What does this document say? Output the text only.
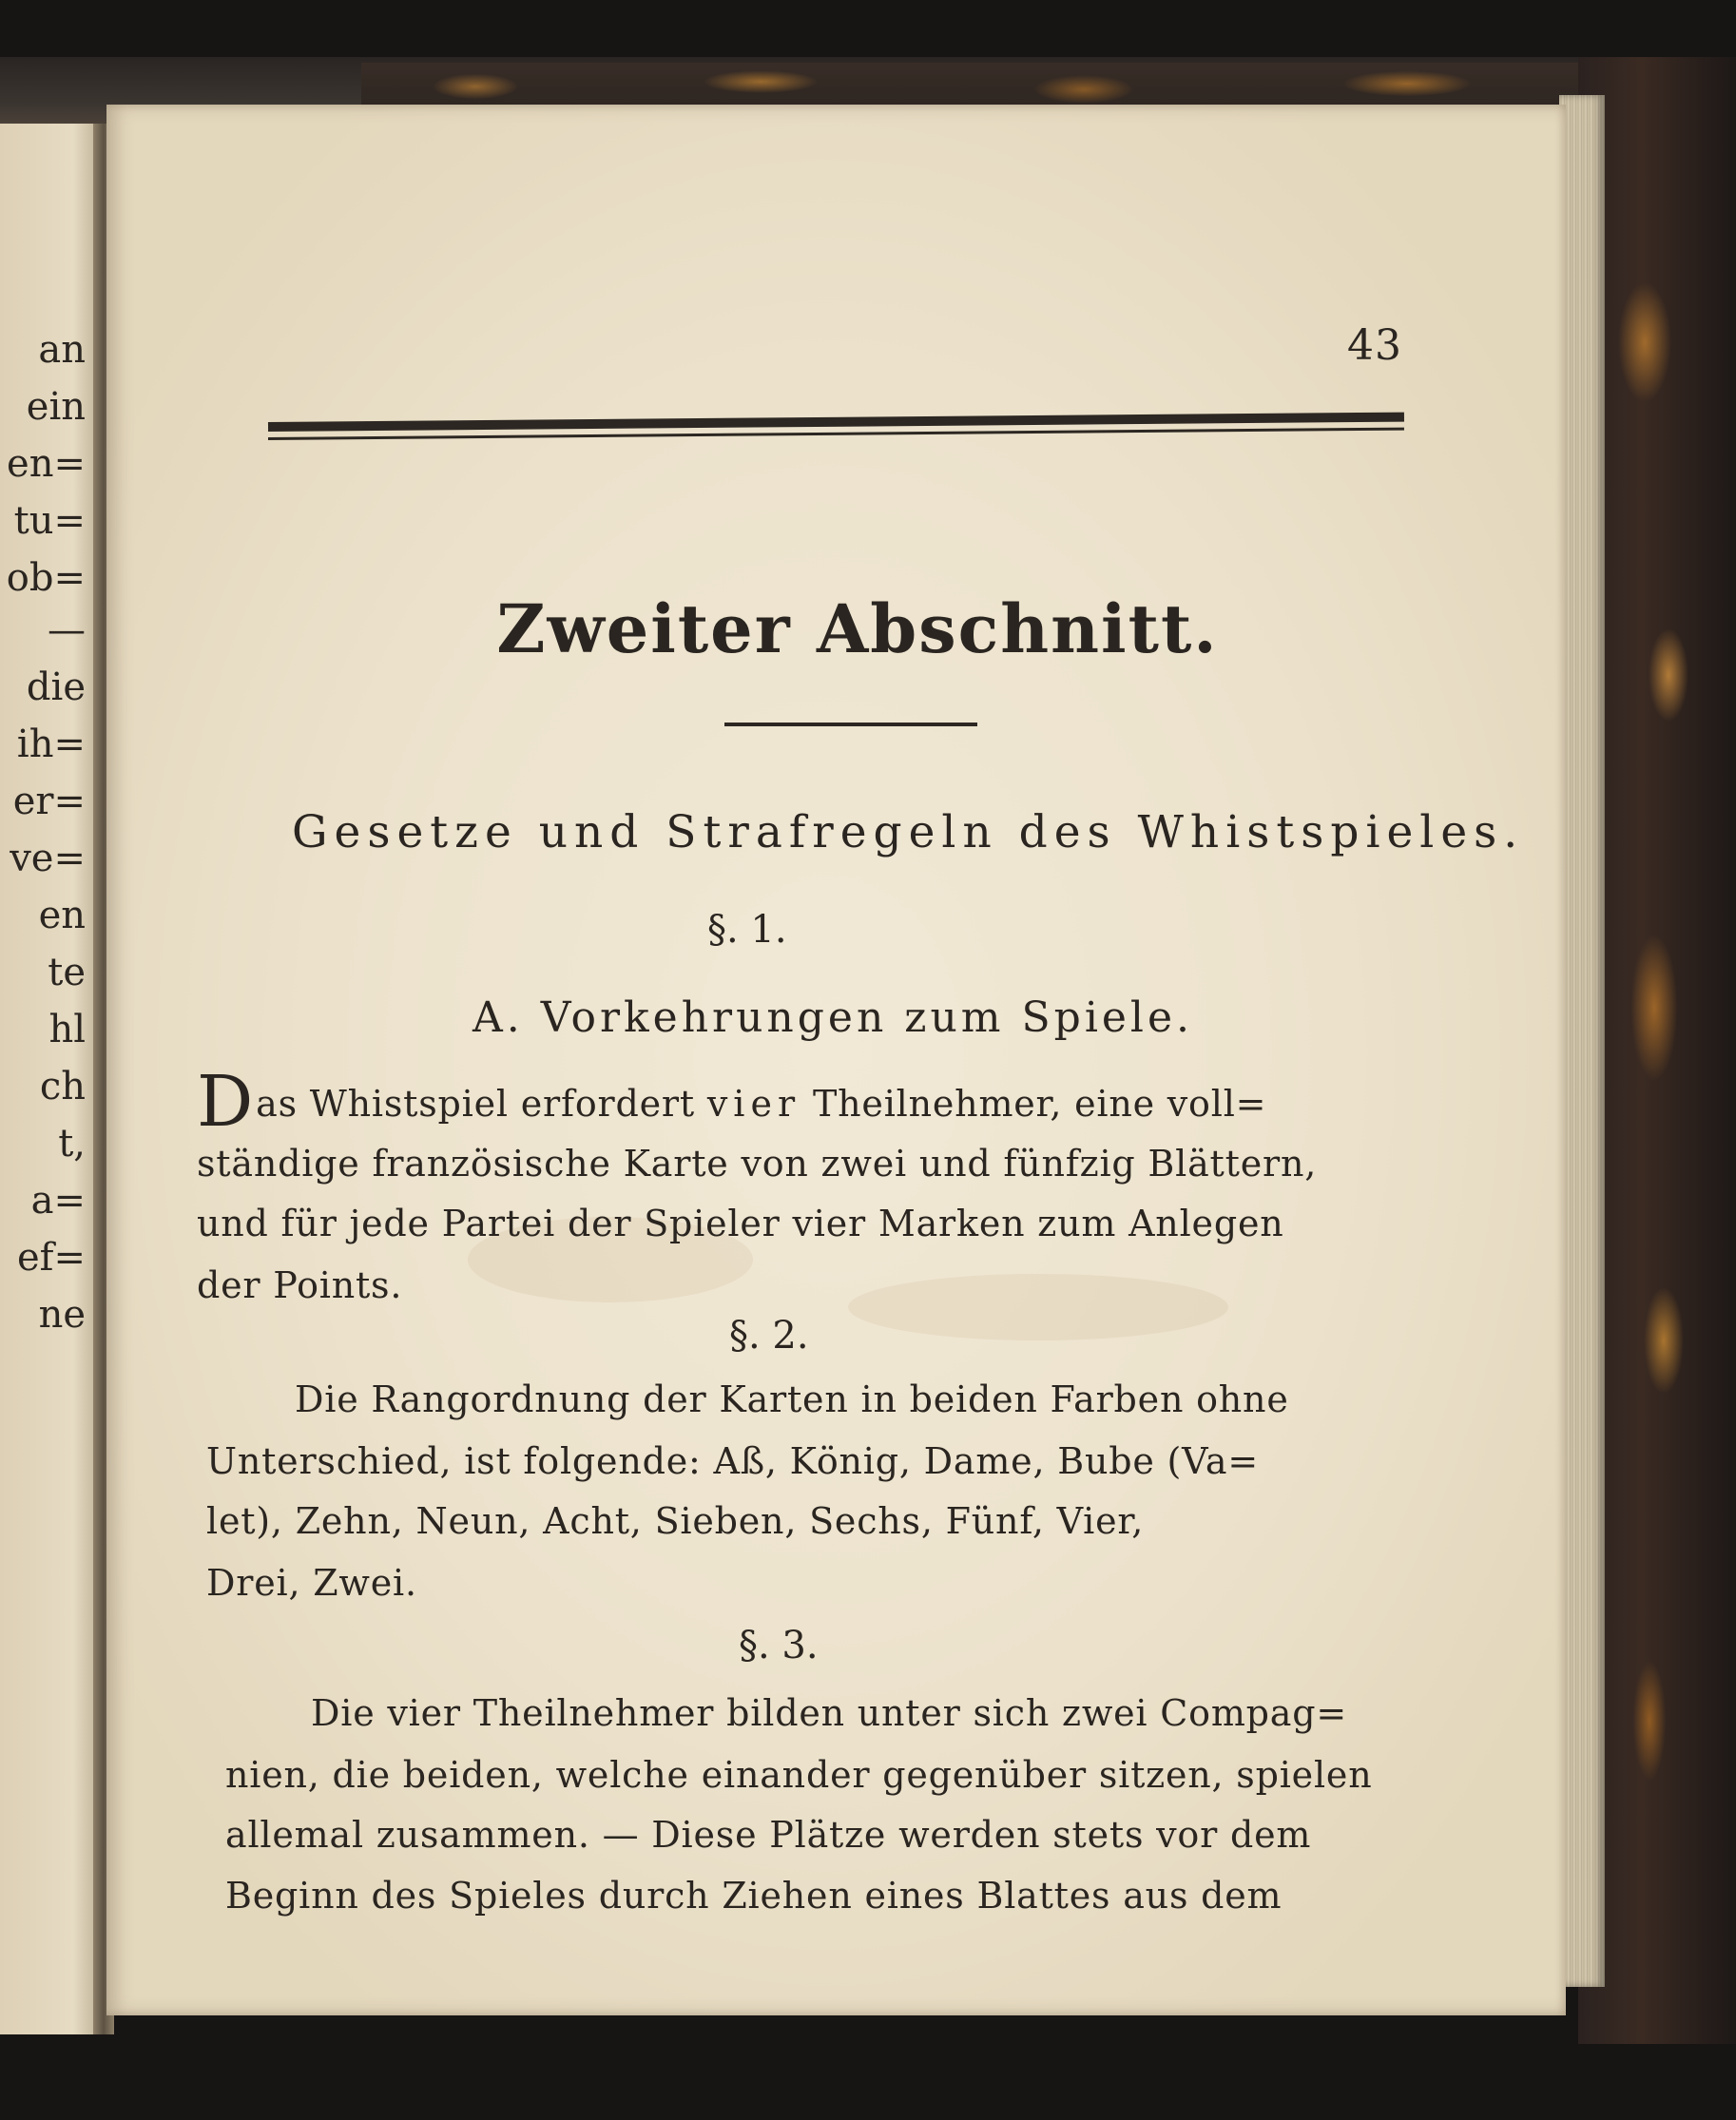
an
ein
en=
tu=
ob=
—
die
ih=
er=
ve=
en
te
hl
ch
t,
a=
ef=
ne
43
Zweiter Abschnitt.
Gesetze und Strafregeln des Whistspieles.
§. 1.
A. Vorkehrungen zum Spiele.
Das Whistspiel erfordert vier Theilnehmer, eine voll=
ständige französische Karte von zwei und fünfzig Blättern,
und für jede Partei der Spieler vier Marken zum Anlegen
der Points.
§. 2.
Die Rangordnung der Karten in beiden Farben ohne
Unterschied, ist folgende: Aß, König, Dame, Bube (Va=
let), Zehn, Neun, Acht, Sieben, Sechs, Fünf, Vier,
Drei, Zwei.
§. 3.
Die vier Theilnehmer bilden unter sich zwei Compag=
nien, die beiden, welche einander gegenüber sitzen, spielen
allemal zusammen. — Diese Plätze werden stets vor dem
Beginn des Spieles durch Ziehen eines Blattes aus dem
